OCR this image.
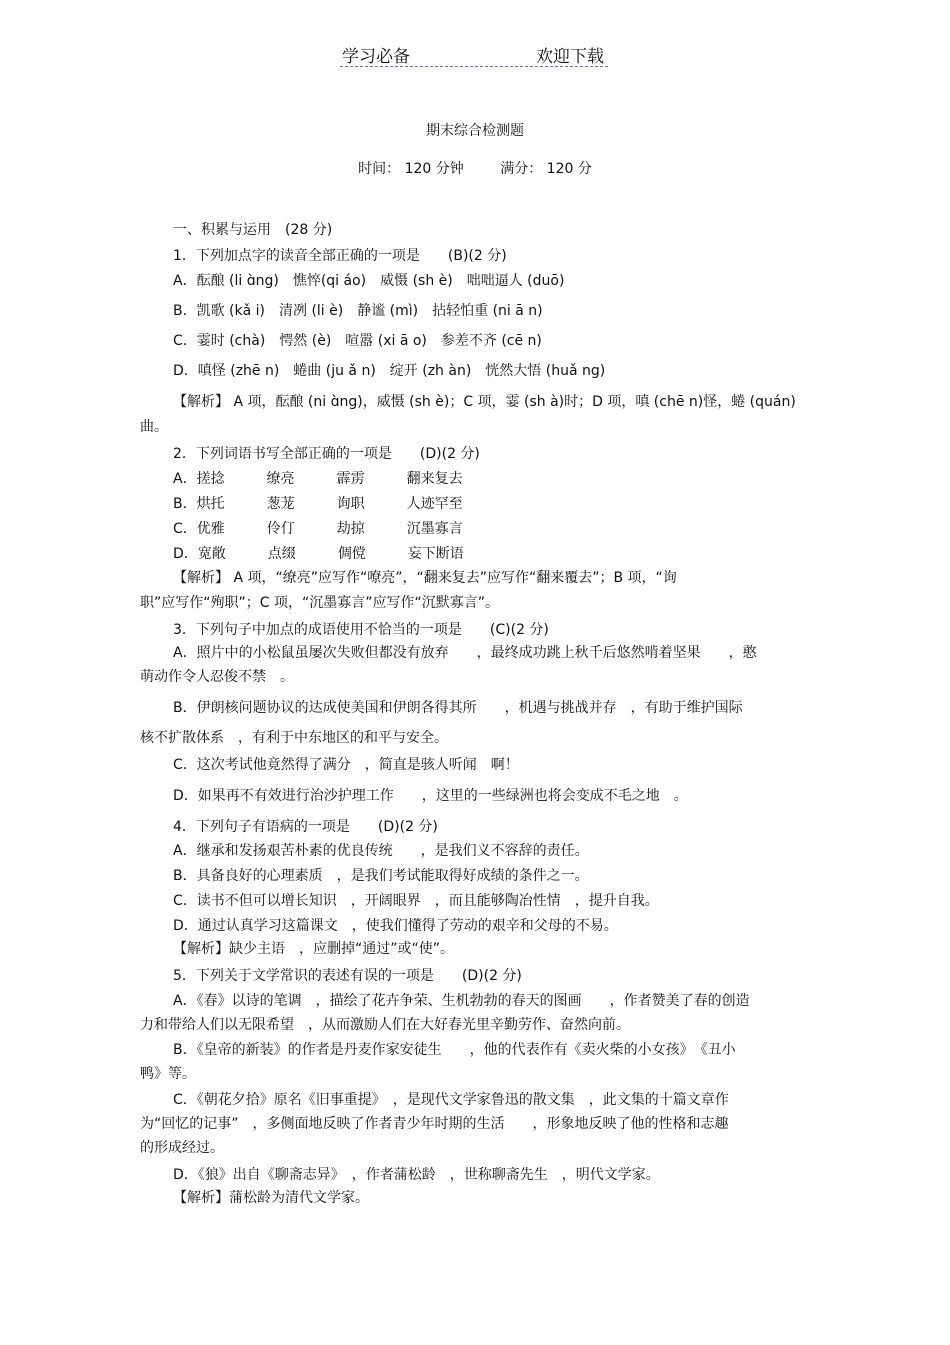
学习必备	欢迎下载
期末综合检测题
时间： 120 分钟	满分： 120 分
一、积累与运用　(28 分)
1．下列加点字的读音全部正确的一项是　　(B)(2 分)
A．酝酿 (li ɑ̀ng)　憔悴(qi áo)　威慑 (sh è)　咄咄逼人 (duō)
B．凯歌 (kǎ i)　清冽 (li è)　静谧 (mì)　拈轻怕重 (ni ā n)
C．霎时 (chà)　愕然 (è)　喧嚣 (xi ā o)　参差不齐 (cē n)
D．嗔怪 (zhē n)　蜷曲 (ju ǎ n)　绽开 (zh àn)　恍然大悟 (huǎ ng)
【解析】 A 项，酝酿 (ni ɑ̀ng)，威慑 (sh è)；C 项，霎 (sh à)时；D 项，嗔 (chē n)怪，蜷 (quán)
曲。
2．下列词语书写全部正确的一项是　　(D)(2 分)
A．搓捻　　　缭亮　　　霹雳　　　翻来复去
B．烘托　　　葱茏　　　询职　　　人迹罕至
C．优雅　　　伶仃　　　劫掠　　　沉墨寡言
D．宽敞　　　点缀　　　倜傥　　　妄下断语
【解析】 A 项，“缭亮”应写作“嘹亮”，“翻来复去”应写作“翻来覆去”；B 项，“询
职”应写作“殉职”；C 项，“沉墨寡言”应写作“沉默寡言”。
3．下列句子中加点的成语使用不恰当的一项是　　(C)(2 分)
A．照片中的小松鼠虽屡次失败但都没有放弃　　，最终成功跳上秋千后悠然啃着坚果　　，憨
萌动作令人忍俊不禁　。
B．伊朗核问题协议的达成使美国和伊朗各得其所　　，机遇与挑战并存　，有助于维护国际
核不扩散体系　，有利于中东地区的和平与安全。
C．这次考试他竟然得了满分　，简直是骇人听闻　啊！
D．如果再不有效进行治沙护理工作　　，这里的一些绿洲也将会变成不毛之地　。
4．下列句子有语病的一项是　　(D)(2 分)
A．继承和发扬艰苦朴素的优良传统　　，是我们义不容辞的责任。
B．具备良好的心理素质　，是我们考试能取得好成绩的条件之一。
C．读书不但可以增长知识　，开阔眼界　，而且能够陶冶性情　，提升自我。
D．通过认真学习这篇课文　，使我们懂得了劳动的艰辛和父母的不易。
【解析】缺少主语　，应删掉“通过”或“使”。
5．下列关于文学常识的表述有误的一项是　　(D)(2 分)
A．《春》以诗的笔调　，描绘了花卉争荣、生机勃勃的春天的图画　　，作者赞美了春的创造
力和带给人们以无限希望　，从而激励人们在大好春光里辛勤劳作、奋然向前。
B．《皇帝的新装》的作者是丹麦作家安徒生　　，他的代表作有《卖火柴的小女孩》　《丑小
鸭》等。
C．《朝花夕拾》原名《旧事重提》　，是现代文学家鲁迅的散文集　，此文集的十篇文章作
为“回忆的记事”　，多侧面地反映了作者青少年时期的生活　　，形象地反映了他的性格和志趣
的形成经过。
D．《狼》出自《聊斋志异》　，作者蒲松龄　，世称聊斋先生　，明代文学家。
【解析】蒲松龄为清代文学家。
